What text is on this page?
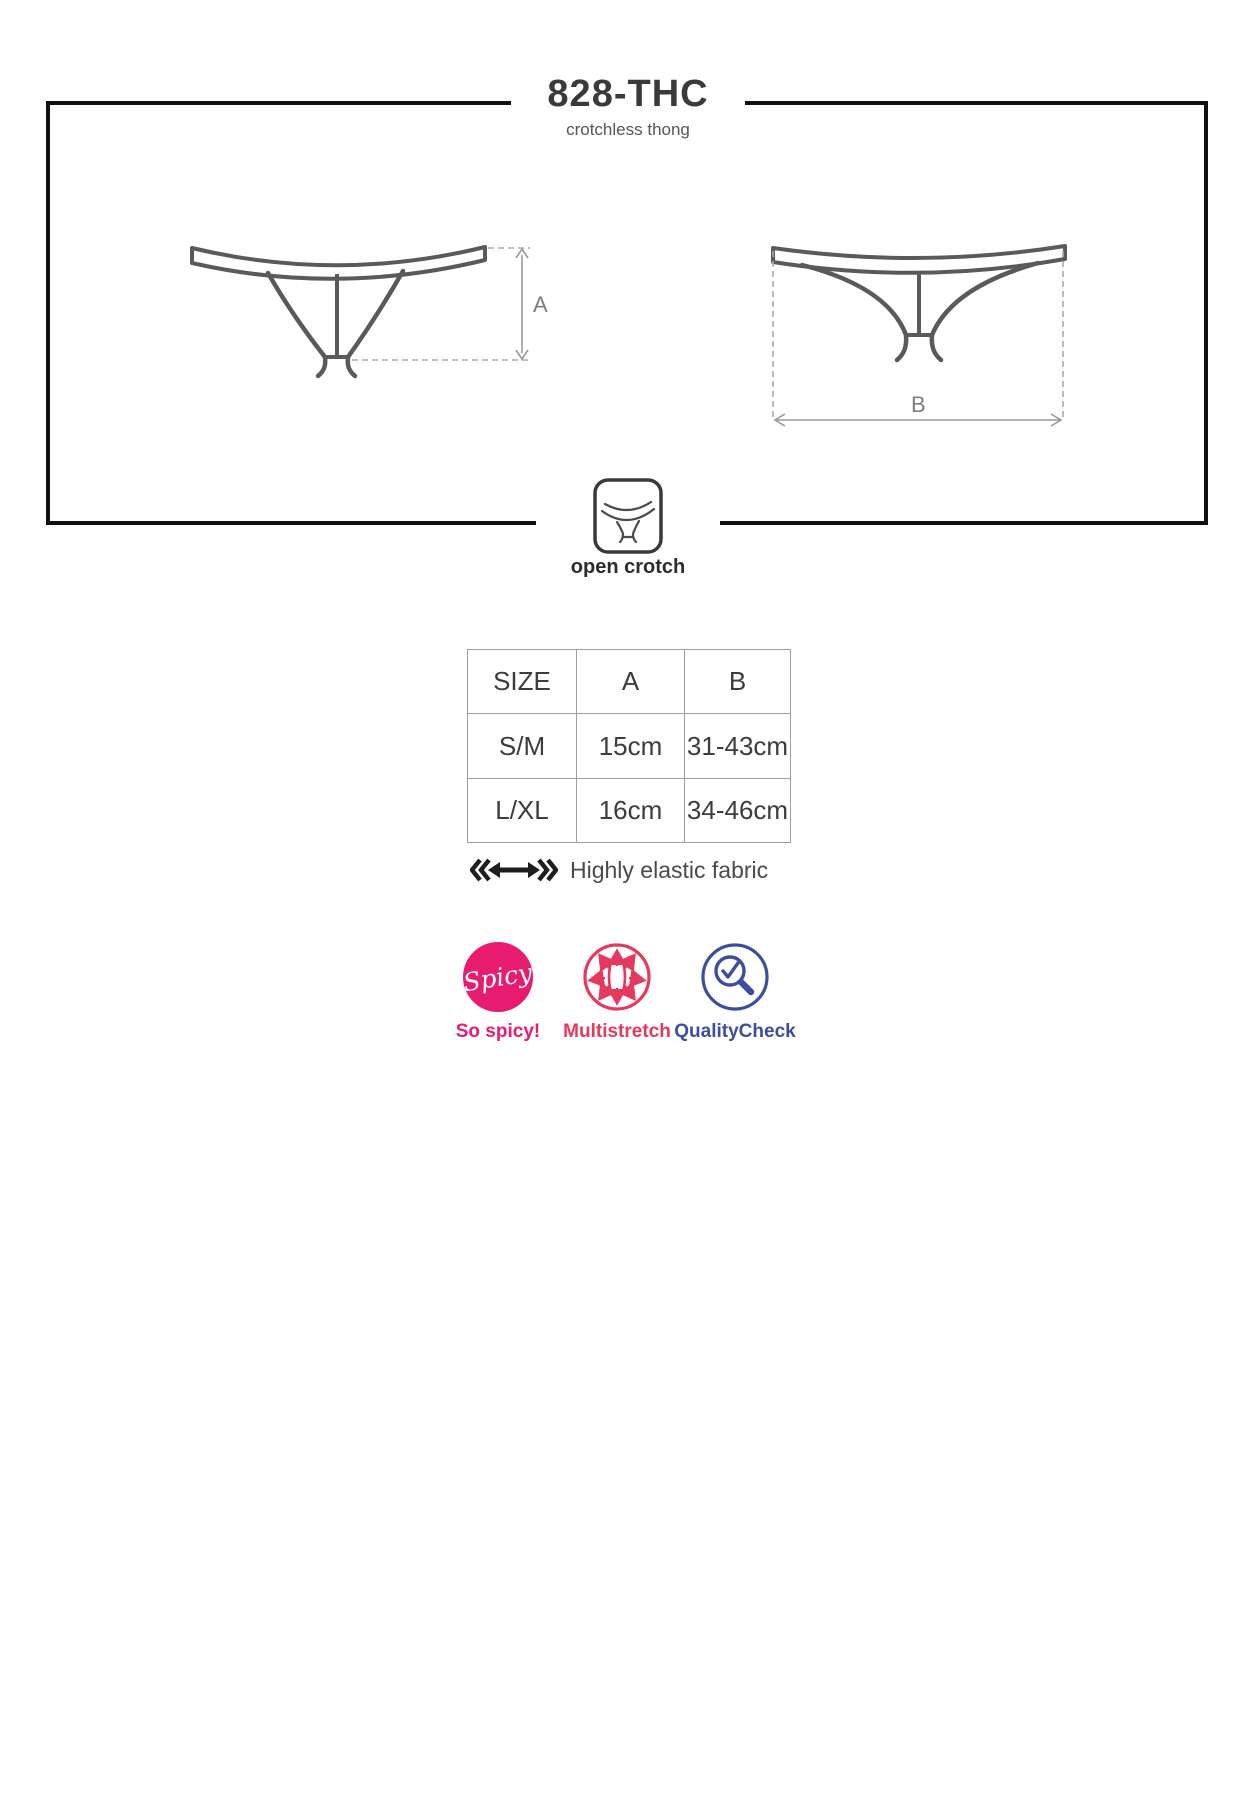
828-THC
crotchless thong
A
B
open crotch
SIZE	A	B
S/M	15cm	31-43cm
L/XL	16cm	34-46cm
Highly elastic fabric
Spicy
So spicy! Multistretch QualityCheck
